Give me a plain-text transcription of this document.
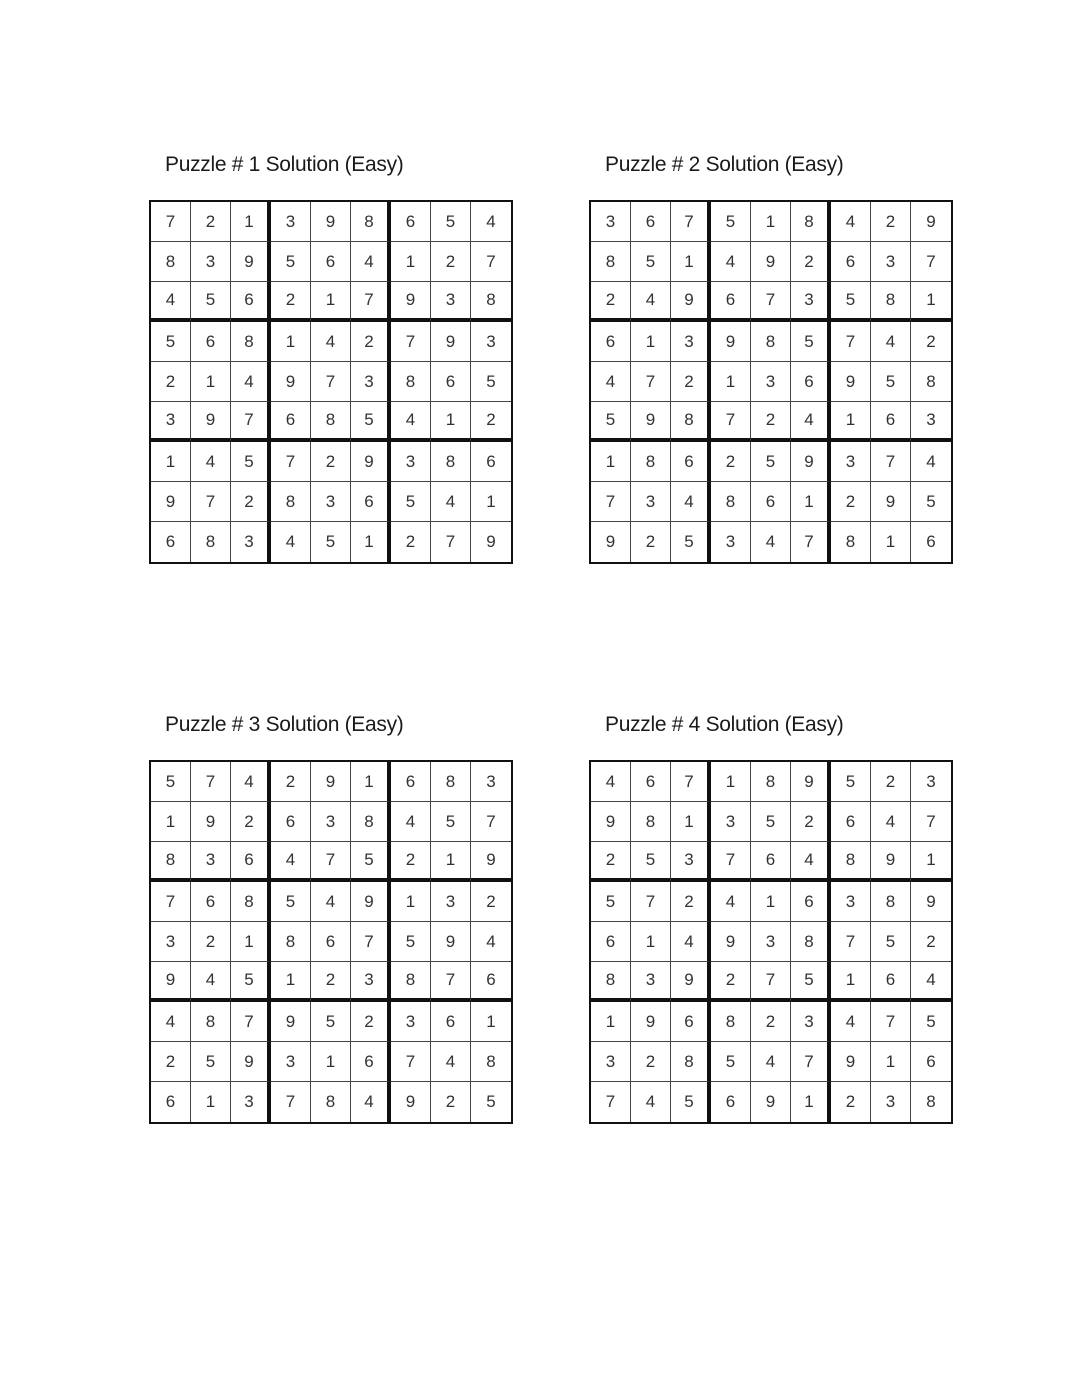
Puzzle # 1 Solution (Easy)
7	2	1	3	9	8	6	5	4
8	3	9	5	6	4	1	2	7
4	5	6	2	1	7	9	3	8
5	6	8	1	4	2	7	9	3
2	1	4	9	7	3	8	6	5
3	9	7	6	8	5	4	1	2
1	4	5	7	2	9	3	8	6
9	7	2	8	3	6	5	4	1
6	8	3	4	5	1	2	7	9
Puzzle # 2 Solution (Easy)
3	6	7	5	1	8	4	2	9
8	5	1	4	9	2	6	3	7
2	4	9	6	7	3	5	8	1
6	1	3	9	8	5	7	4	2
4	7	2	1	3	6	9	5	8
5	9	8	7	2	4	1	6	3
1	8	6	2	5	9	3	7	4
7	3	4	8	6	1	2	9	5
9	2	5	3	4	7	8	1	6
Puzzle # 3 Solution (Easy)
5	7	4	2	9	1	6	8	3
1	9	2	6	3	8	4	5	7
8	3	6	4	7	5	2	1	9
7	6	8	5	4	9	1	3	2
3	2	1	8	6	7	5	9	4
9	4	5	1	2	3	8	7	6
4	8	7	9	5	2	3	6	1
2	5	9	3	1	6	7	4	8
6	1	3	7	8	4	9	2	5
Puzzle # 4 Solution (Easy)
4	6	7	1	8	9	5	2	3
9	8	1	3	5	2	6	4	7
2	5	3	7	6	4	8	9	1
5	7	2	4	1	6	3	8	9
6	1	4	9	3	8	7	5	2
8	3	9	2	7	5	1	6	4
1	9	6	8	2	3	4	7	5
3	2	8	5	4	7	9	1	6
7	4	5	6	9	1	2	3	8
